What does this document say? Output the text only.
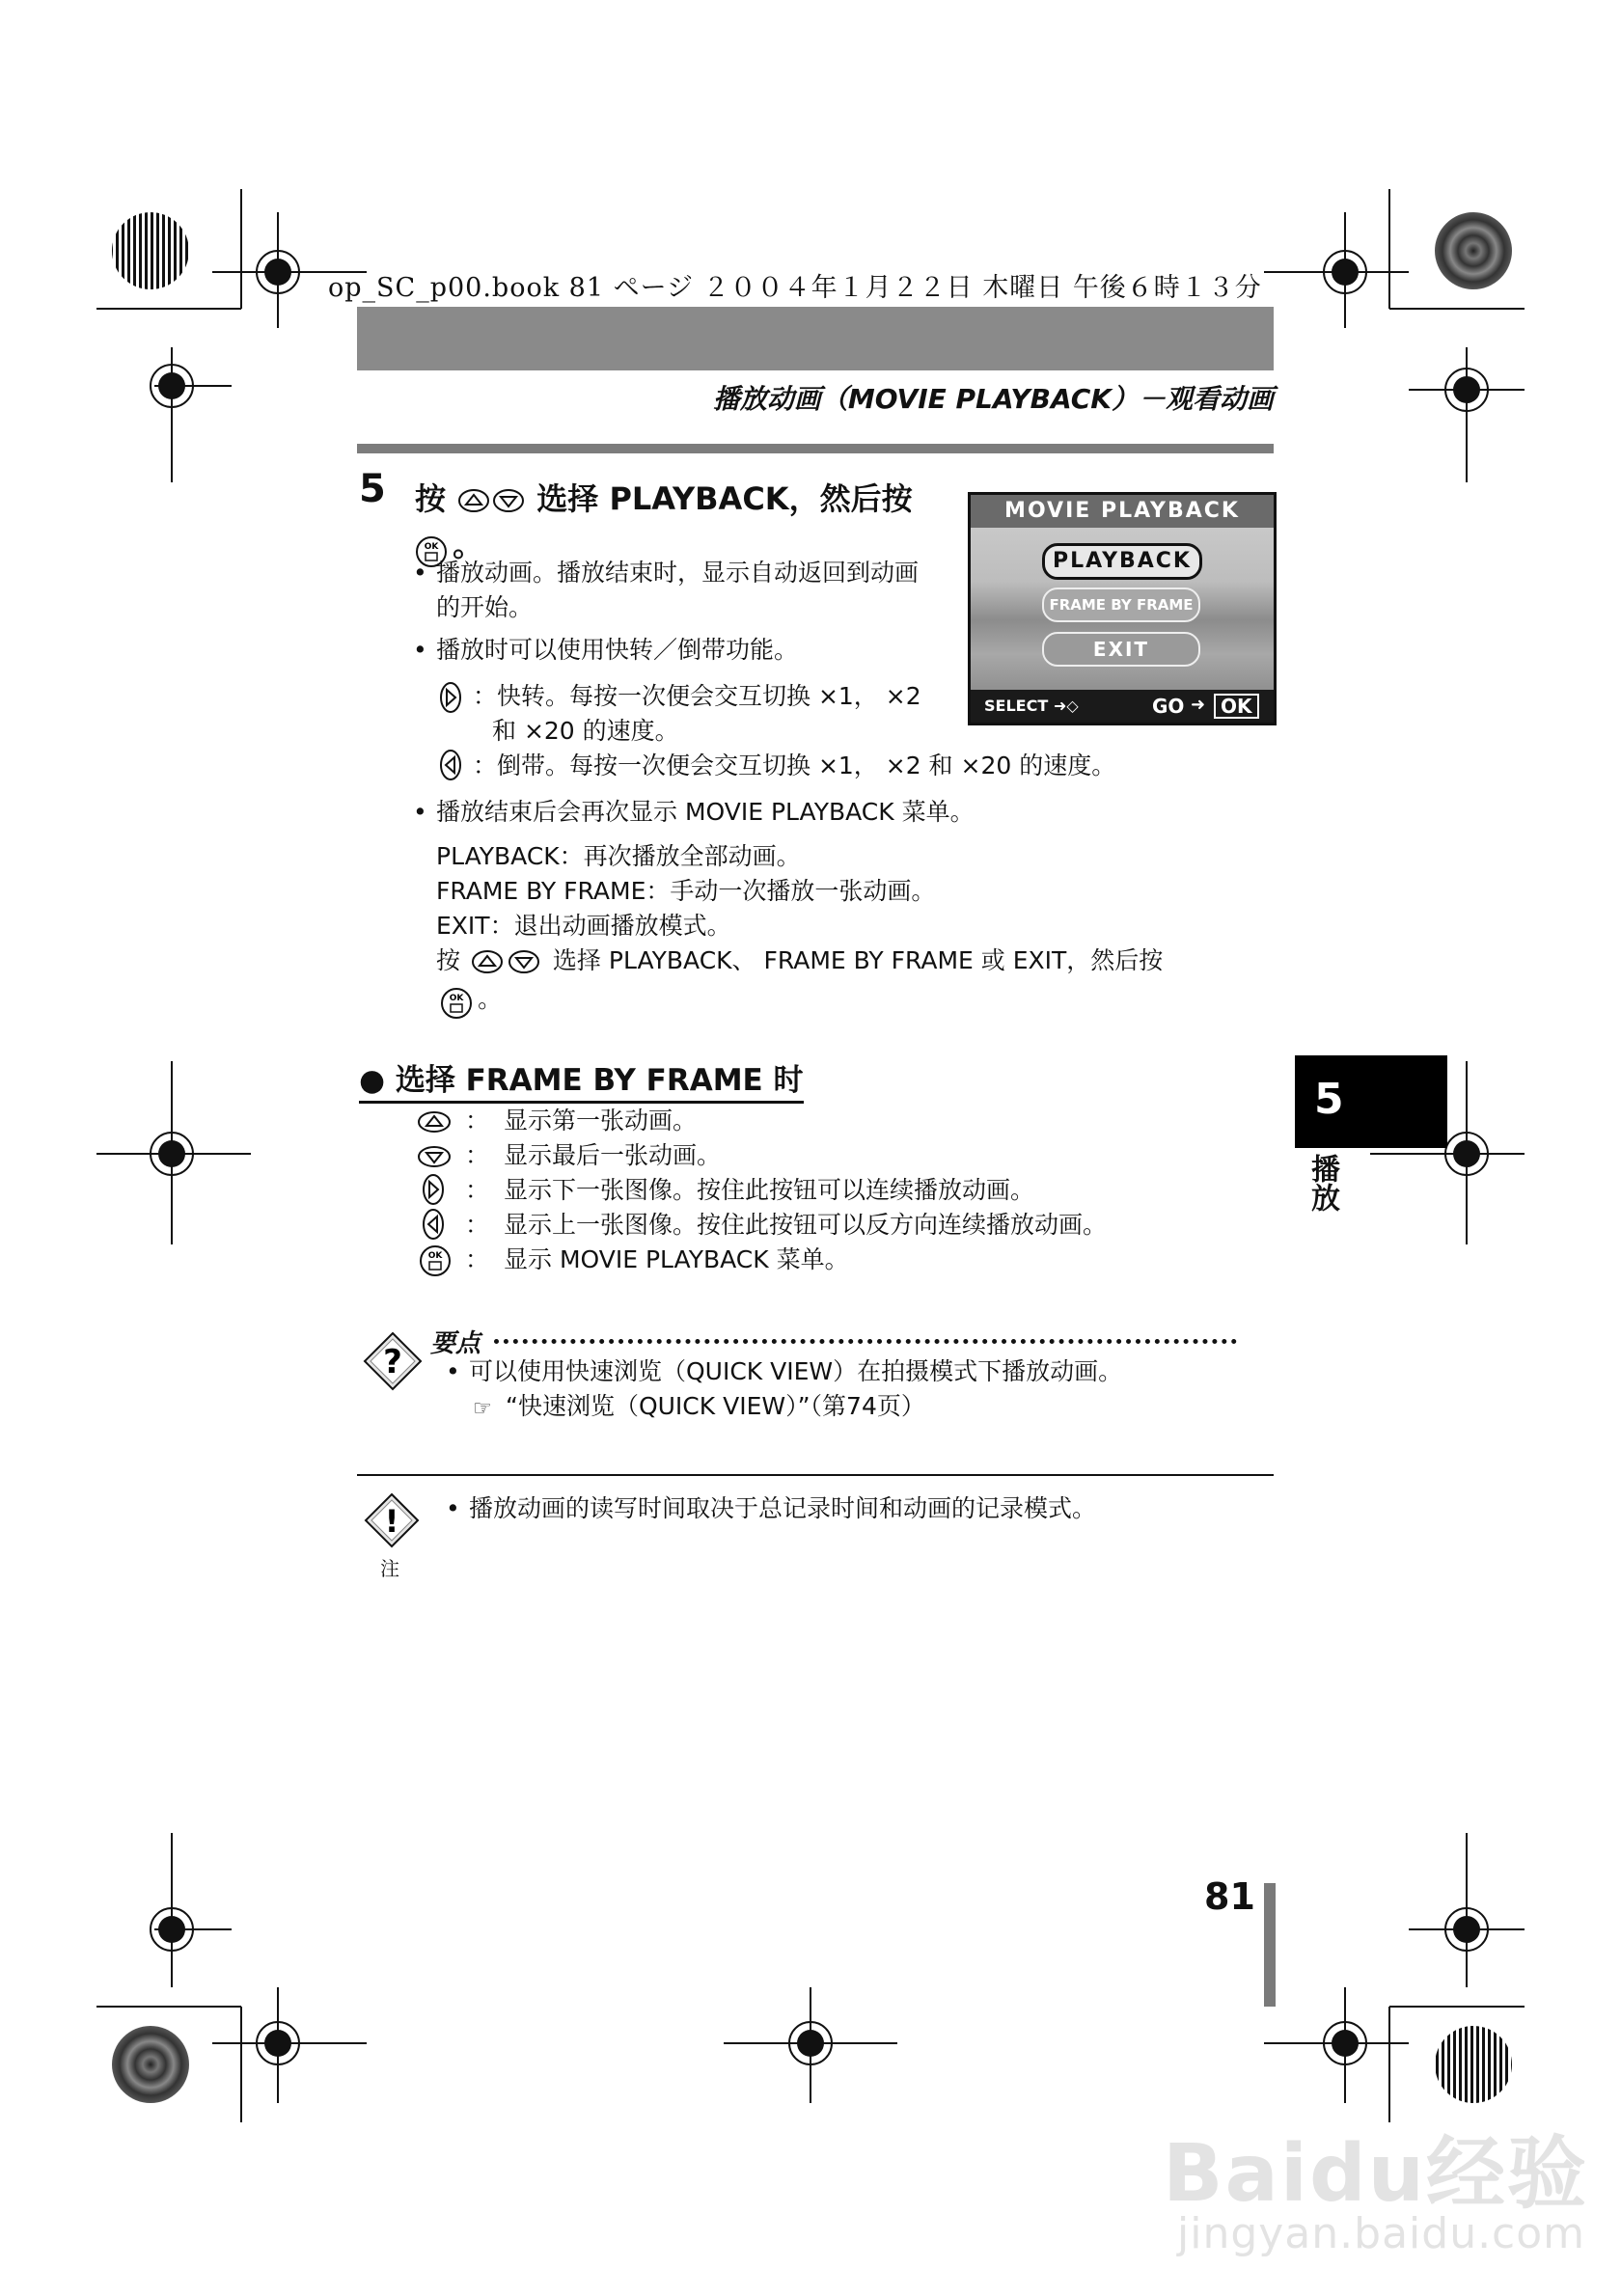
op_SC_p00.book 81 ページ ２００４年１月２２日 木曜日 午後６時１３分
播放动画（MOVIE PLAYBACK）－观看动画
5 按	选择 PLAYBACK，然后按
OK 。
• 播放动画。播放结束时，显示自动返回到动画
的开始。
• 播放时可以使用快转／倒带功能。
：快转。每按一次便会交互切换 ×1， ×2
和 ×20 的速度。
：倒带。每按一次便会交互切换 ×1， ×2 和 ×20 的速度。
• 播放结束后会再次显示 MOVIE PLAYBACK 菜单。
PLAYBACK：再次播放全部动画。
FRAME BY FRAME：手动一次播放一张动画。
EXIT：退出动画播放模式。
按	选择 PLAYBACK、 FRAME BY FRAME 或 EXIT，然后按
OK 。
MOVIE PLAYBACK
PLAYBACK
FRAME BY FRAME
EXIT
SELECT ➜◇	GO ➜ OK
● 选择 FRAME BY FRAME 时
： 显示第一张动画。
： 显示最后一张动画。
： 显示下一张图像。按住此按钮可以连续播放动画。
： 显示上一张图像。按住此按钮可以反方向连续播放动画。
OK ： 显示 MOVIE PLAYBACK 菜单。
? 要点
• 可以使用快速浏览（QUICK VIEW）在拍摄模式下播放动画。
☞ “快速浏览（QUICK VIEW）”（第74页）
!
注
• 播放动画的读写时间取决于总记录时间和动画的记录模式。
5
播放
81
Baidu经验
jingyan.baidu.com
